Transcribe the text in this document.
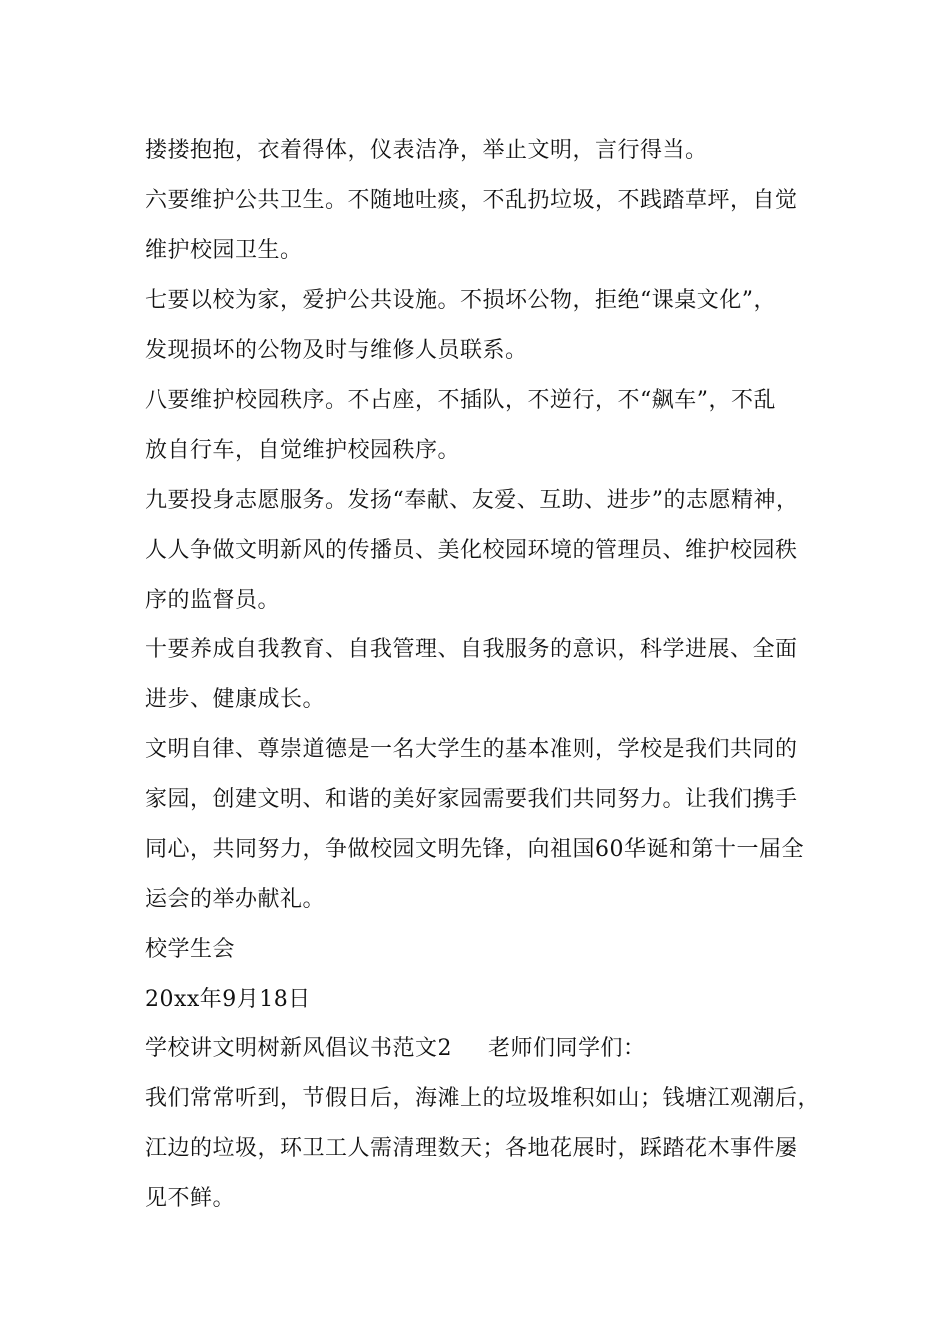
搂搂抱抱，衣着得体，仪表洁净，举止文明，言行得当。
六要维护公共卫生。不随地吐痰，不乱扔垃圾，不践踏草坪，自觉
维护校园卫生。
七要以校为家，爱护公共设施。不损坏公物，拒绝“课桌文化”，
发现损坏的公物及时与维修人员联系。
八要维护校园秩序。不占座，不插队，不逆行，不“飙车”，不乱
放自行车，自觉维护校园秩序。
九要投身志愿服务。发扬“奉献、友爱、互助、进步”的志愿精神，
人人争做文明新风的传播员、美化校园环境的管理员、维护校园秩
序的监督员。
十要养成自我教育、自我管理、自我服务的意识，科学进展、全面
进步、健康成长。
文明自律、尊崇道德是一名大学生的基本准则，学校是我们共同的
家园，创建文明、和谐的美好家园需要我们共同努力。让我们携手
同心，共同努力，争做校园文明先锋，向祖国60华诞和第十一届全
运会的举办献礼。
校学生会
20xx年9月18日
学校讲文明树新风倡议书范文2 老师们同学们：
我们常常听到，节假日后，海滩上的垃圾堆积如山；钱塘江观潮后，
江边的垃圾，环卫工人需清理数天；各地花展时，踩踏花木事件屡
见不鲜。
